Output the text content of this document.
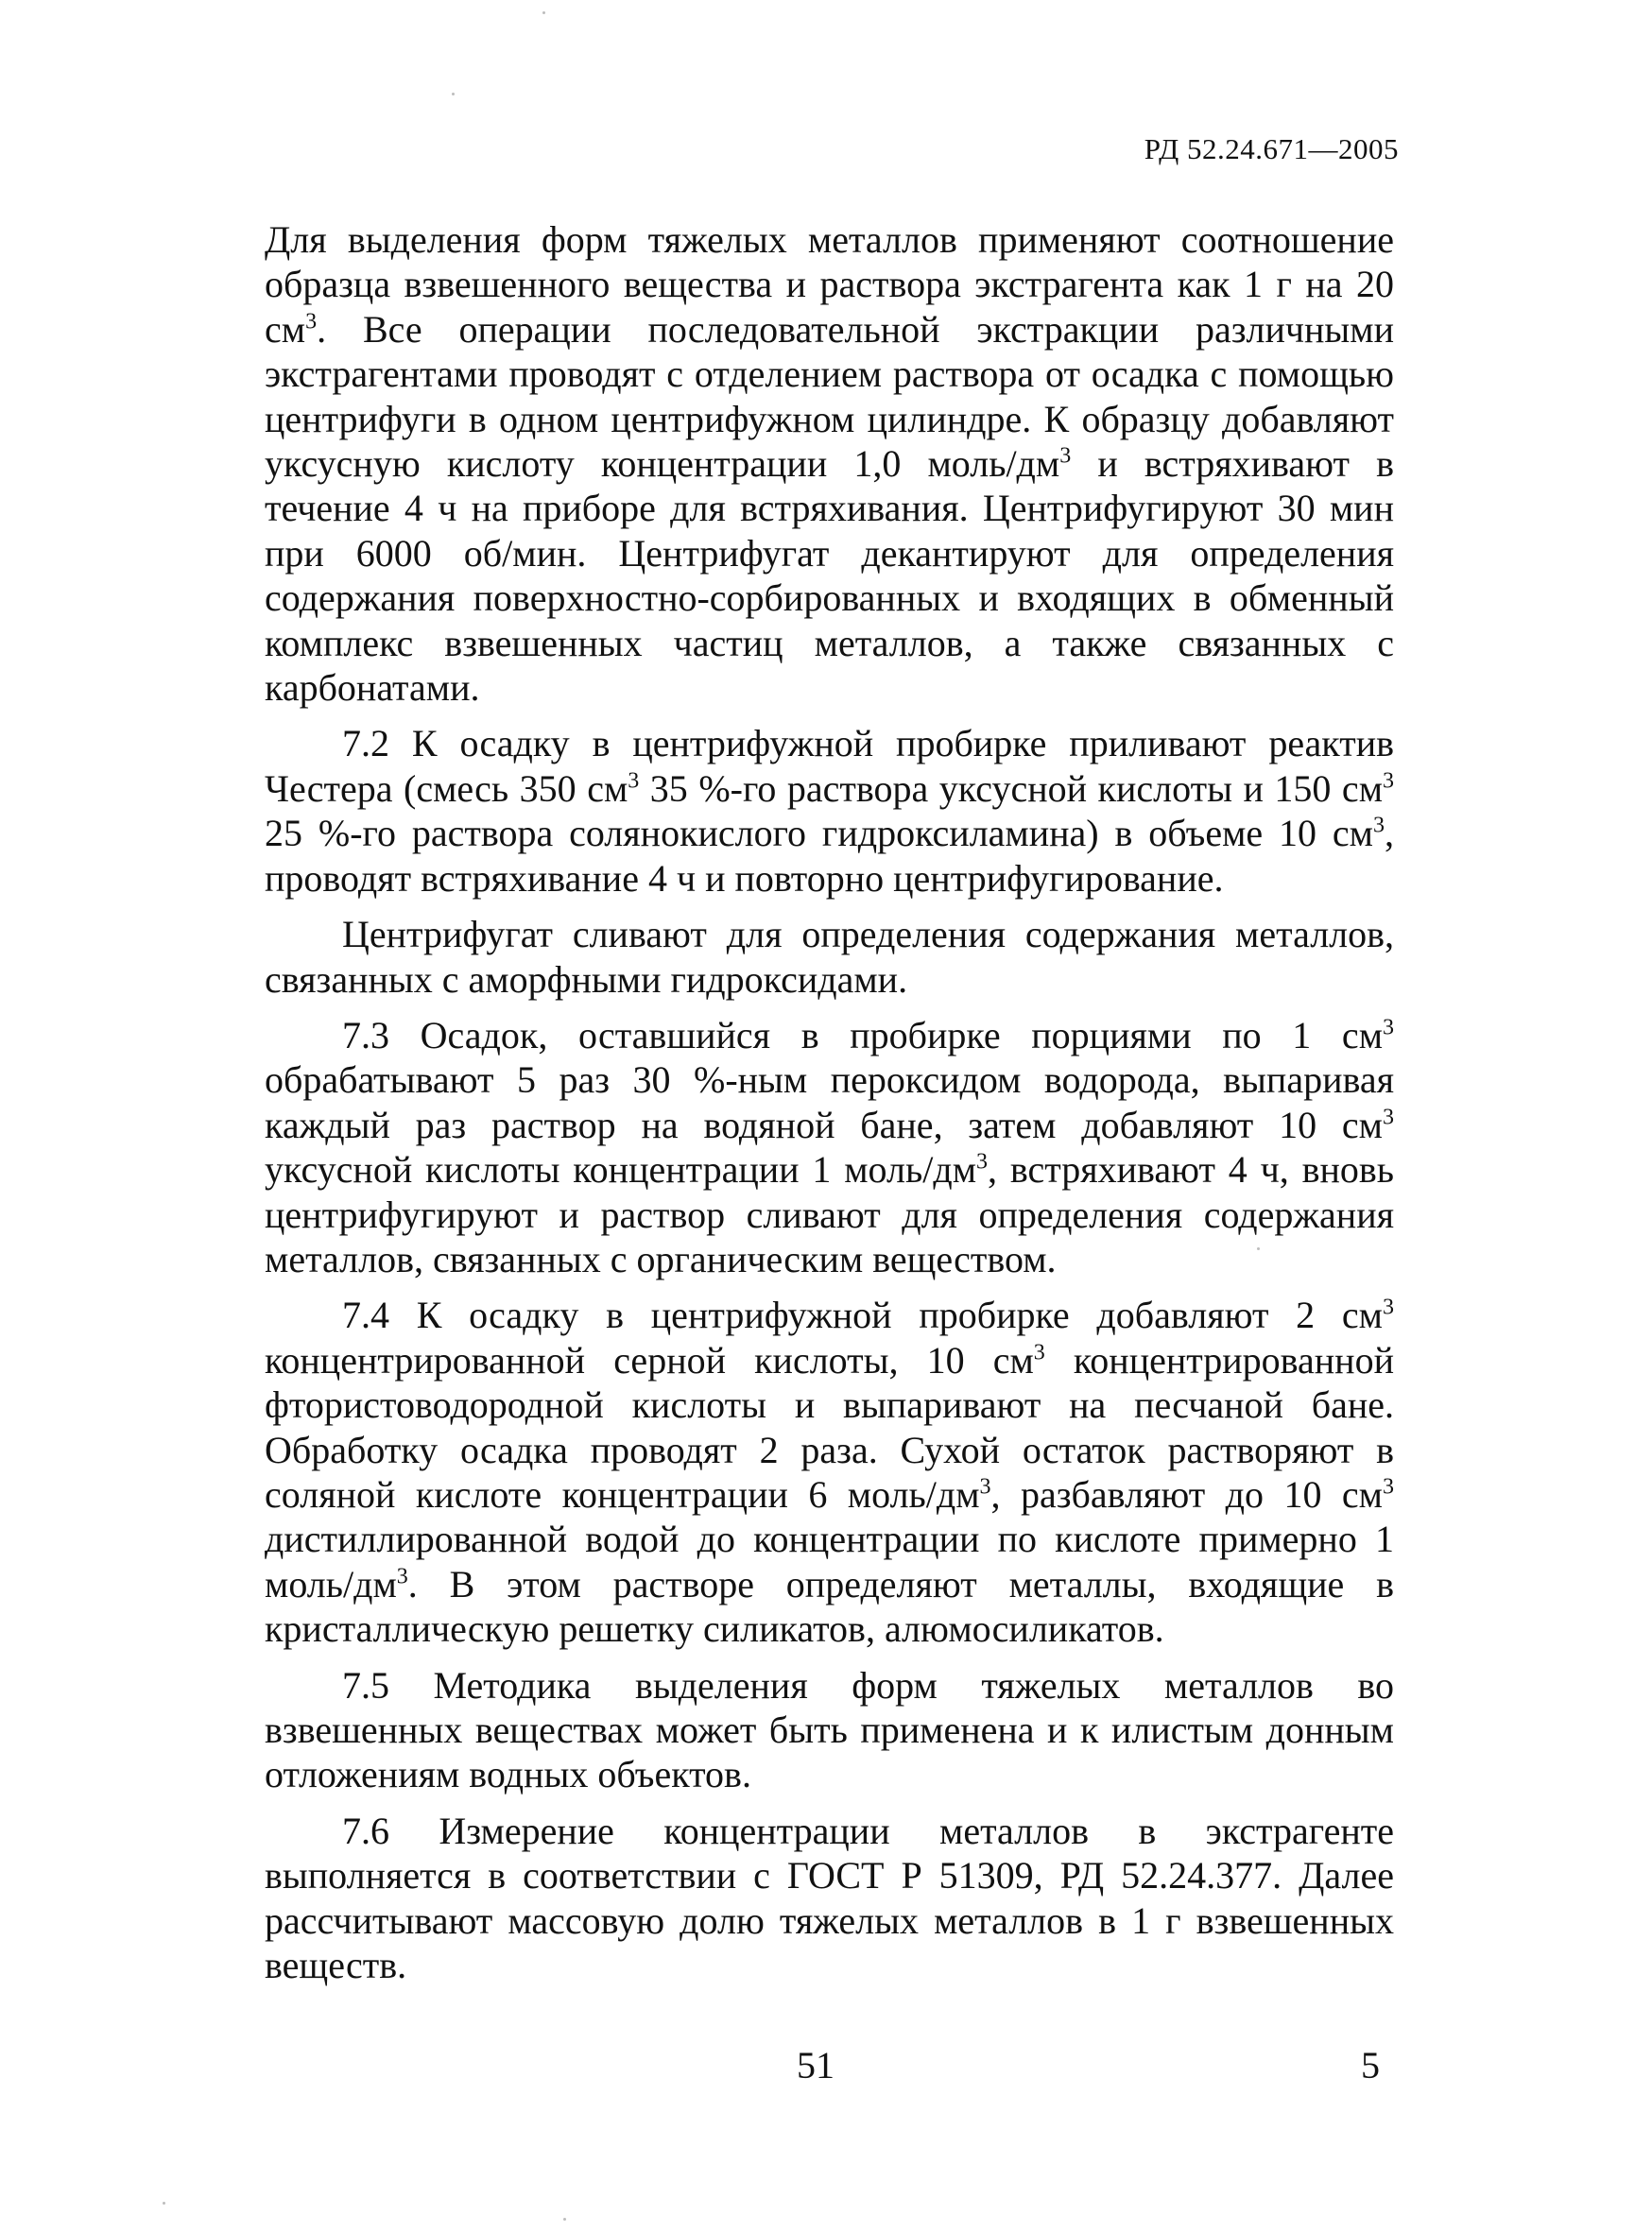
РД 52.24.671—2005

Для выделения форм тяжелых металлов применяют соотношение образца взвешенного вещества и раствора экстрагента как 1 г на 20 $см^3$. Все операции последовательной экстракции различными экстрагентами проводят с отделением раствора от осадка с помощью центрифуги в одном центрифужном цилиндре. К образцу добавляют уксусную кислоту концентрации 1,0 моль/$дм^3$ и встряхивают в течение 4 ч на приборе для встряхивания. Центрифугируют 30 мин при 6000 об/мин. Центрифугат декантируют для определения содержания поверхностно-сорбированных и входящих в обменный комплекс взвешенных частиц металлов, а также связанных с карбонатами.

7.2 К осадку в центрифужной пробирке приливают реактив Честера (смесь 350 $см^3$ 35 %-го раствора уксусной кислоты и 150 $см^3$ 25 %-го раствора солянокислого гидроксиламина) в объеме 10 $см^3$, проводят встряхивание 4 ч и повторно центрифугирование.

Центрифугат сливают для определения содержания металлов, связанных с аморфными гидроксидами.

7.3 Осадок, оставшийся в пробирке порциями по 1 $см^3$ обрабатывают 5 раз 30 %-ным пероксидом водорода, выпаривая каждый раз раствор на водяной бане, затем добавляют 10 $см^3$ уксусной кислоты концентрации 1 моль/$дм^3$, встряхивают 4 ч, вновь центрифугируют и раствор сливают для определения содержания металлов, связанных с органическим веществом.

7.4 К осадку в центрифужной пробирке добавляют 2 $см^3$ концентрированной серной кислоты, 10 $см^3$ концентрированной фтористоводородной кислоты и выпаривают на песчаной бане. Обработку осадка проводят 2 раза. Сухой остаток растворяют в соляной кислоте концентрации 6 моль/$дм^3$, разбавляют до 10 $см^3$ дистиллированной водой до концентрации по кислоте примерно 1 моль/$дм^3$. В этом растворе определяют металлы, входящие в кристаллическую решетку силикатов, алюмосиликатов.

7.5 Методика выделения форм тяжелых металлов во взвешенных веществах может быть применена и к илистым донным отложениям водных объектов.

7.6 Измерение концентрации металлов в экстрагенте выполняется в соответствии с ГОСТ Р 51309, РД 52.24.377. Далее рассчитывают массовую долю тяжелых металлов в 1 г взвешенных веществ.

51	5
